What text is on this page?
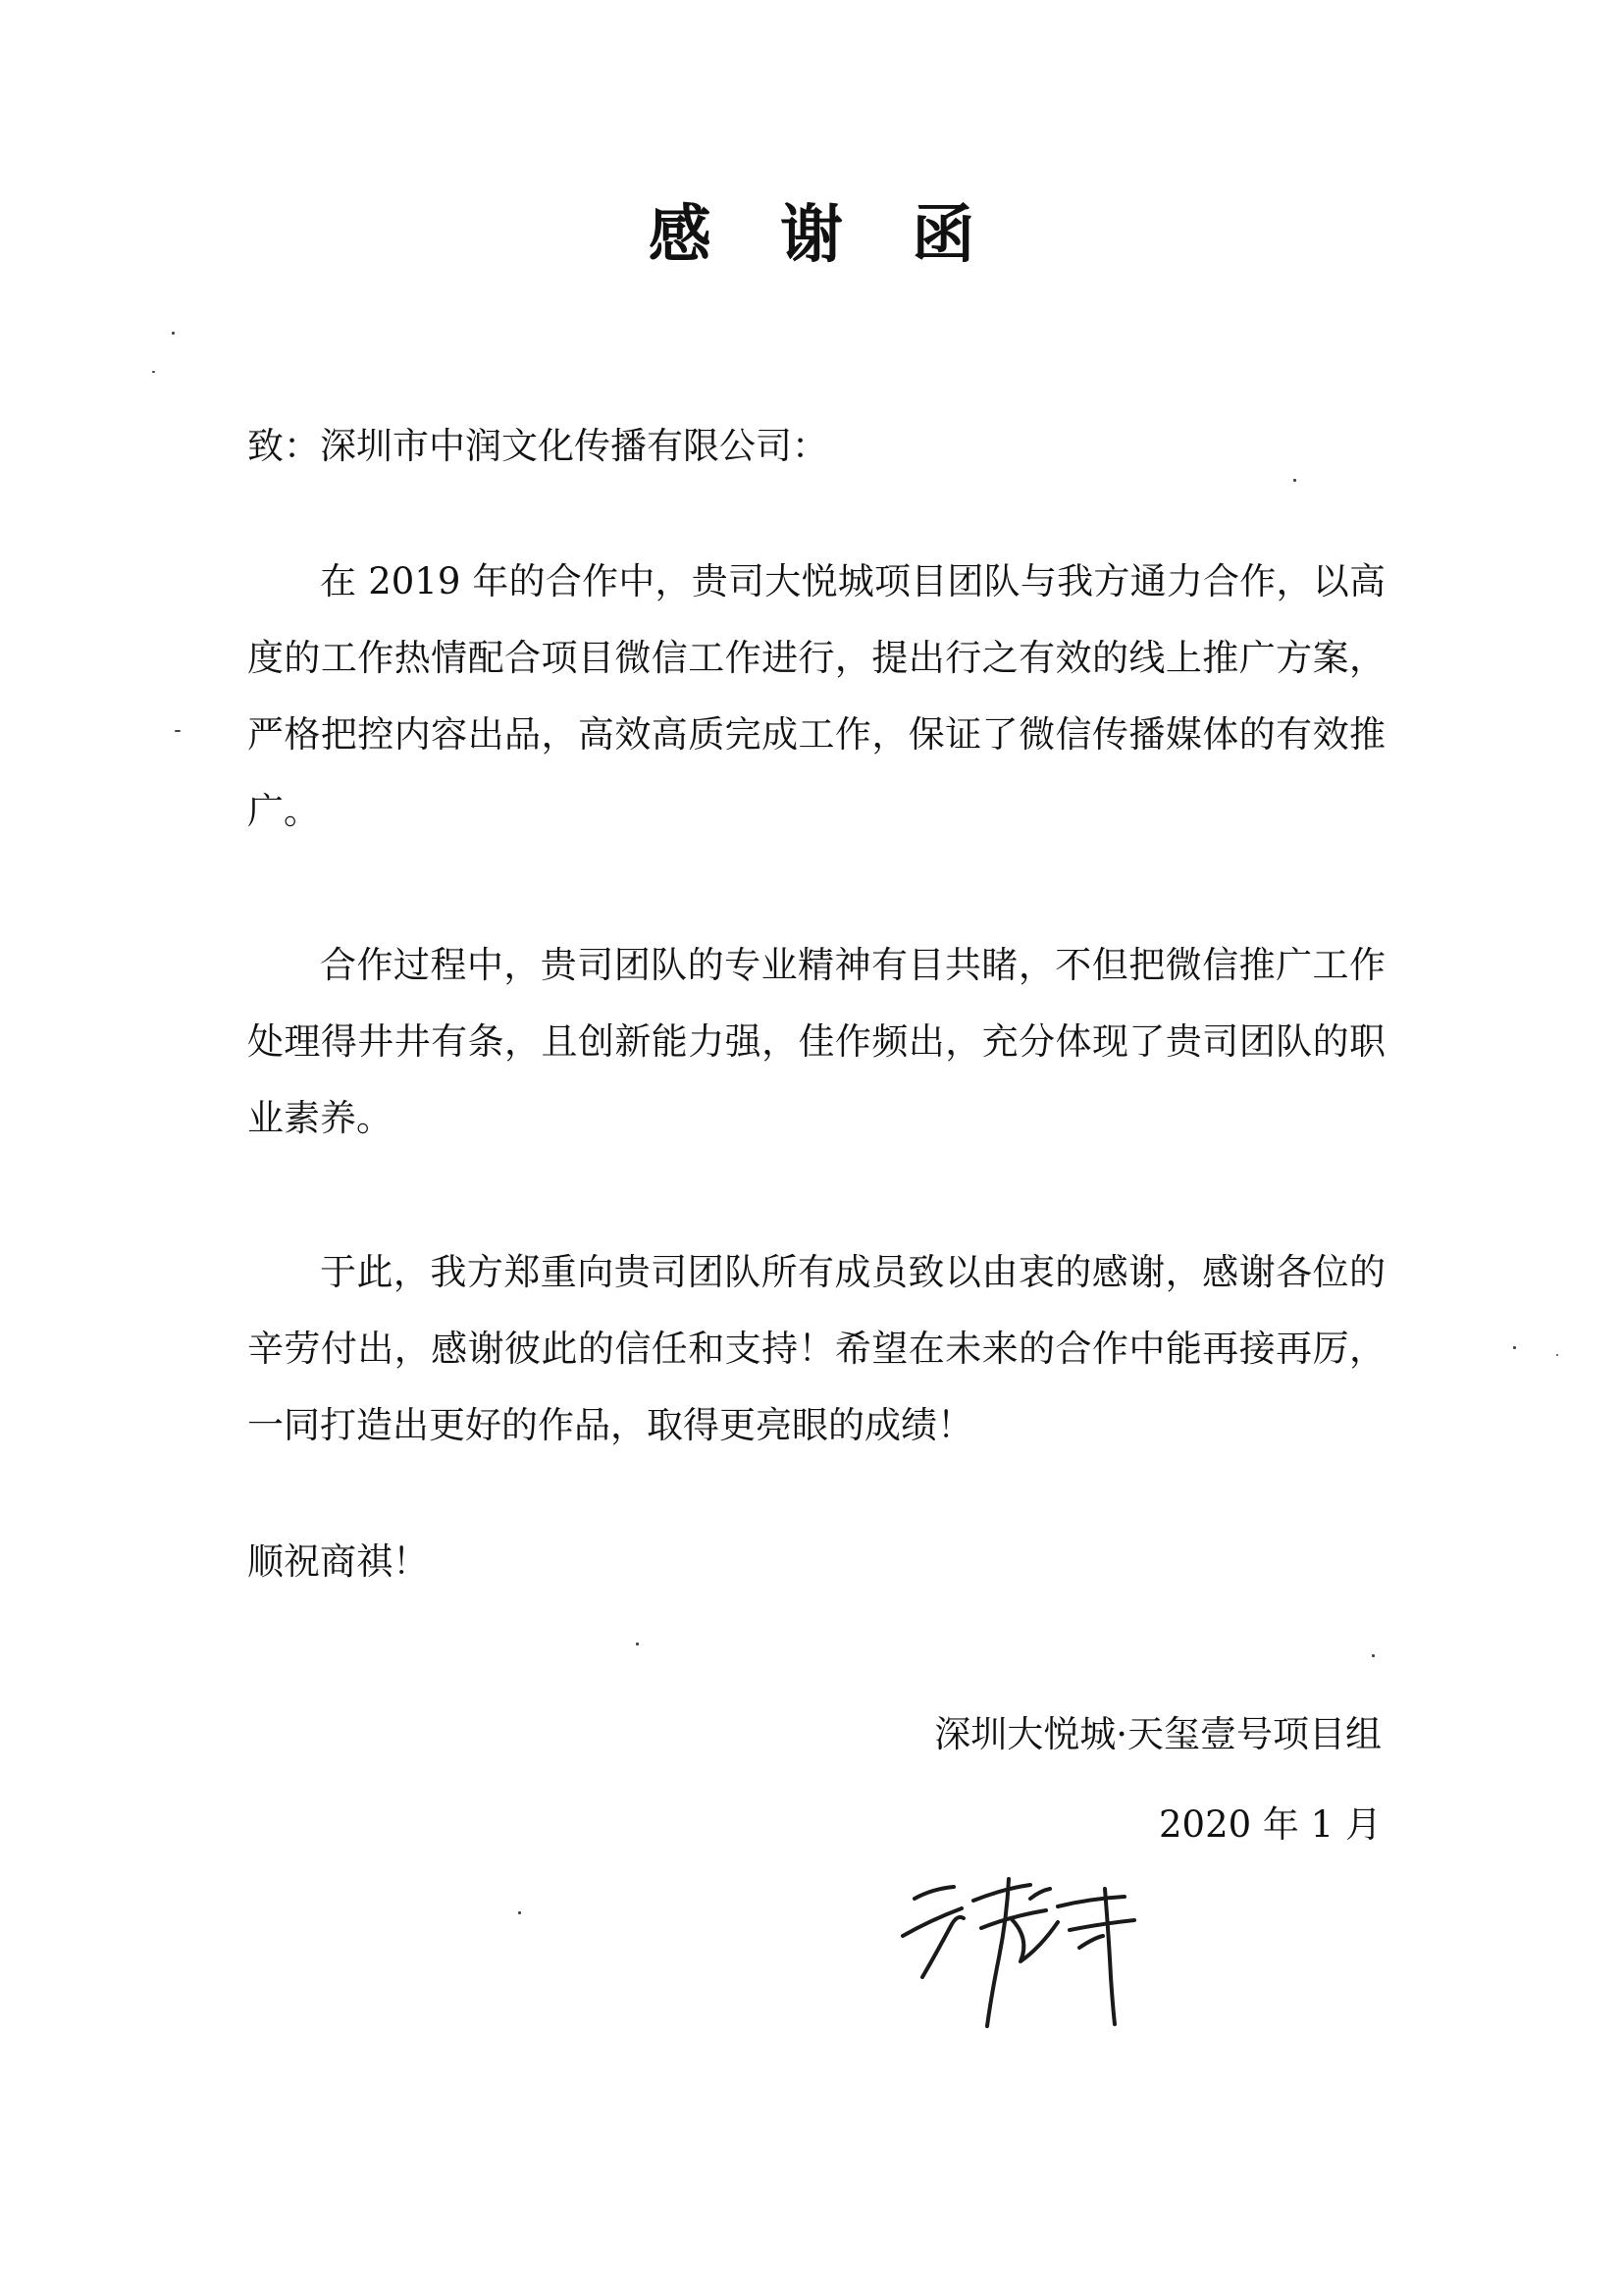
感 谢 函
致：深圳市中润文化传播有限公司：

在 2019 年的合作中，贵司大悦城项目团队与我方通力合作，以高度的工作热情配合项目微信工作进行，提出行之有效的线上推广方案，严格把控内容出品，高效高质完成工作，保证了微信传播媒体的有效推广。

合作过程中，贵司团队的专业精神有目共睹，不但把微信推广工作处理得井井有条，且创新能力强，佳作频出，充分体现了贵司团队的职业素养。

于此，我方郑重向贵司团队所有成员致以由衷的感谢，感谢各位的辛劳付出，感谢彼此的信任和支持！希望在未来的合作中能再接再厉，一同打造出更好的作品，取得更亮眼的成绩！

顺祝商祺！
深圳大悦城·天玺壹号项目组
2020 年 1 月
